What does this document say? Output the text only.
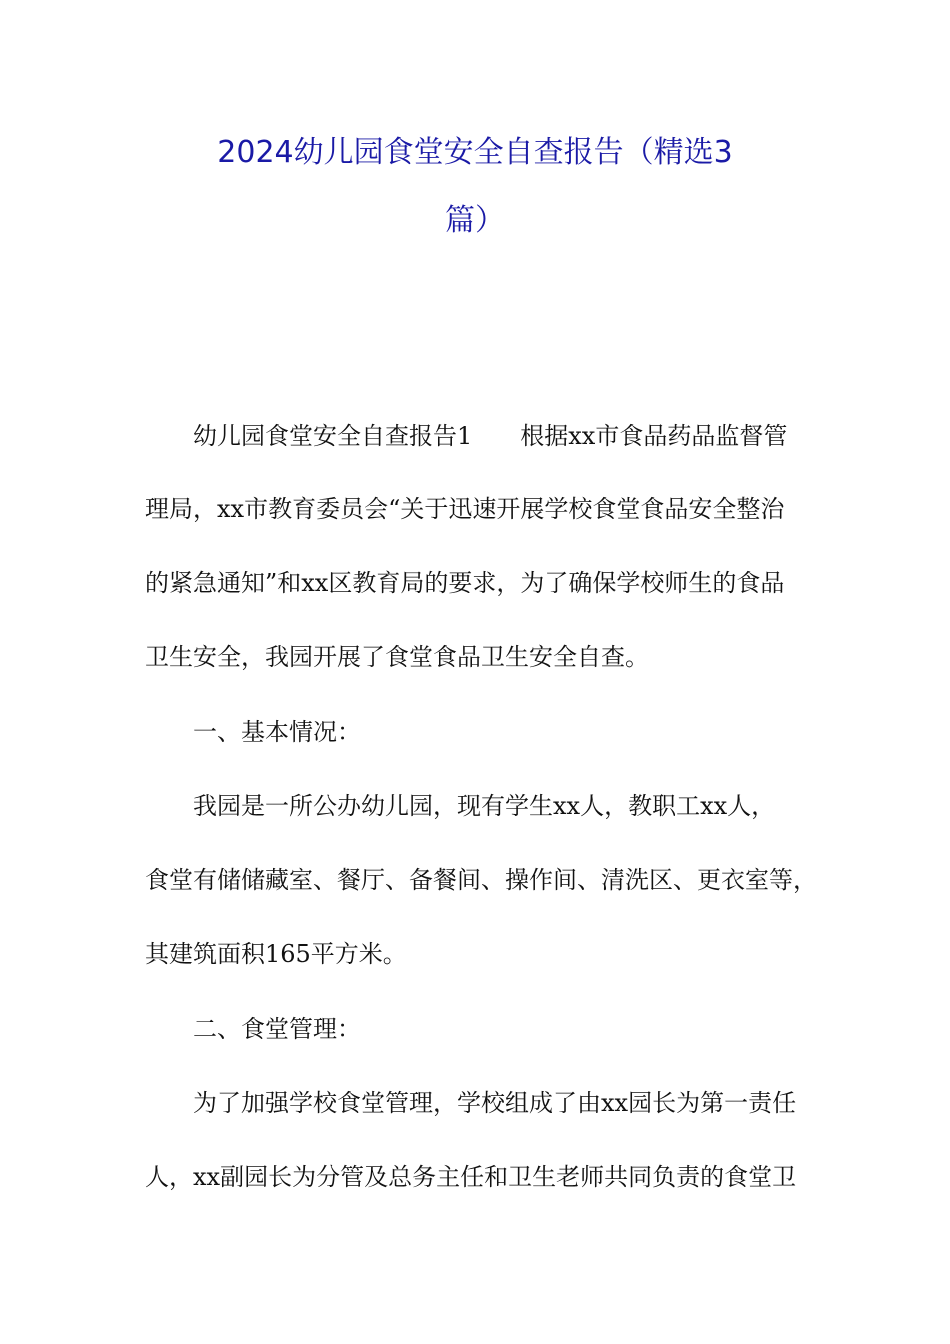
2024幼儿园食堂安全自查报告（精选3
篇）
幼儿园食堂安全自查报告1　　根据xx市食品药品监督管
理局，xx市教育委员会“关于迅速开展学校食堂食品安全整治
的紧急通知”和xx区教育局的要求，为了确保学校师生的食品
卫生安全，我园开展了食堂食品卫生安全自查。
一、基本情况：
我园是一所公办幼儿园，现有学生xx人，教职工xx人，
食堂有储储藏室、餐厅、备餐间、操作间、清洗区、更衣室等，
其建筑面积165平方米。
二、食堂管理：
为了加强学校食堂管理，学校组成了由xx园长为第一责任
人，xx副园长为分管及总务主任和卫生老师共同负责的食堂卫
